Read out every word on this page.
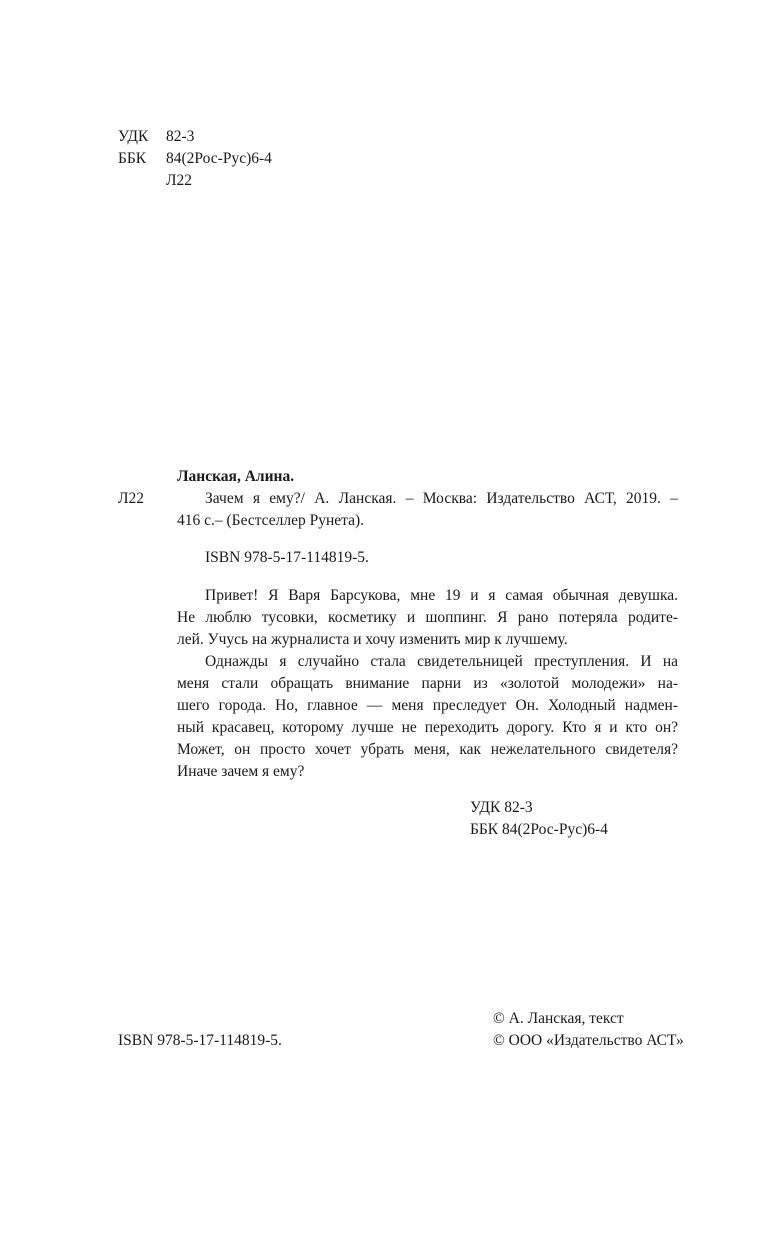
УДК 82-3
ББК 84(2Рос-Рус)6-4
Л22
Ланская, Алина.
Л22	Зачем я ему?/ А. Ланская. – Москва: Издательство АСТ, 2019. –
416 с.– (Бестселлер Рунета).
ISBN 978-5-17-114819-5.
Привет! Я Варя Барсукова, мне 19 и я самая обычная девушка.
Не люблю тусовки, косметику и шоппинг. Я рано потеряла родите-
лей. Учусь на журналиста и хочу изменить мир к лучшему.
Однажды я случайно стала свидетельницей преступления. И на
меня стали обращать внимание парни из «золотой молодежи» на-
шего города. Но, главное — меня преследует Он. Холодный надмен-
ный красавец, которому лучше не переходить дорогу. Кто я и кто он?
Может, он просто хочет убрать меня, как нежелательного свидетеля?
Иначе зачем я ему?
УДК 82-3
ББК 84(2Рос-Рус)6-4
© А. Ланская, текст
ISBN 978-5-17-114819-5.	© ООО «Издательство АСТ»
